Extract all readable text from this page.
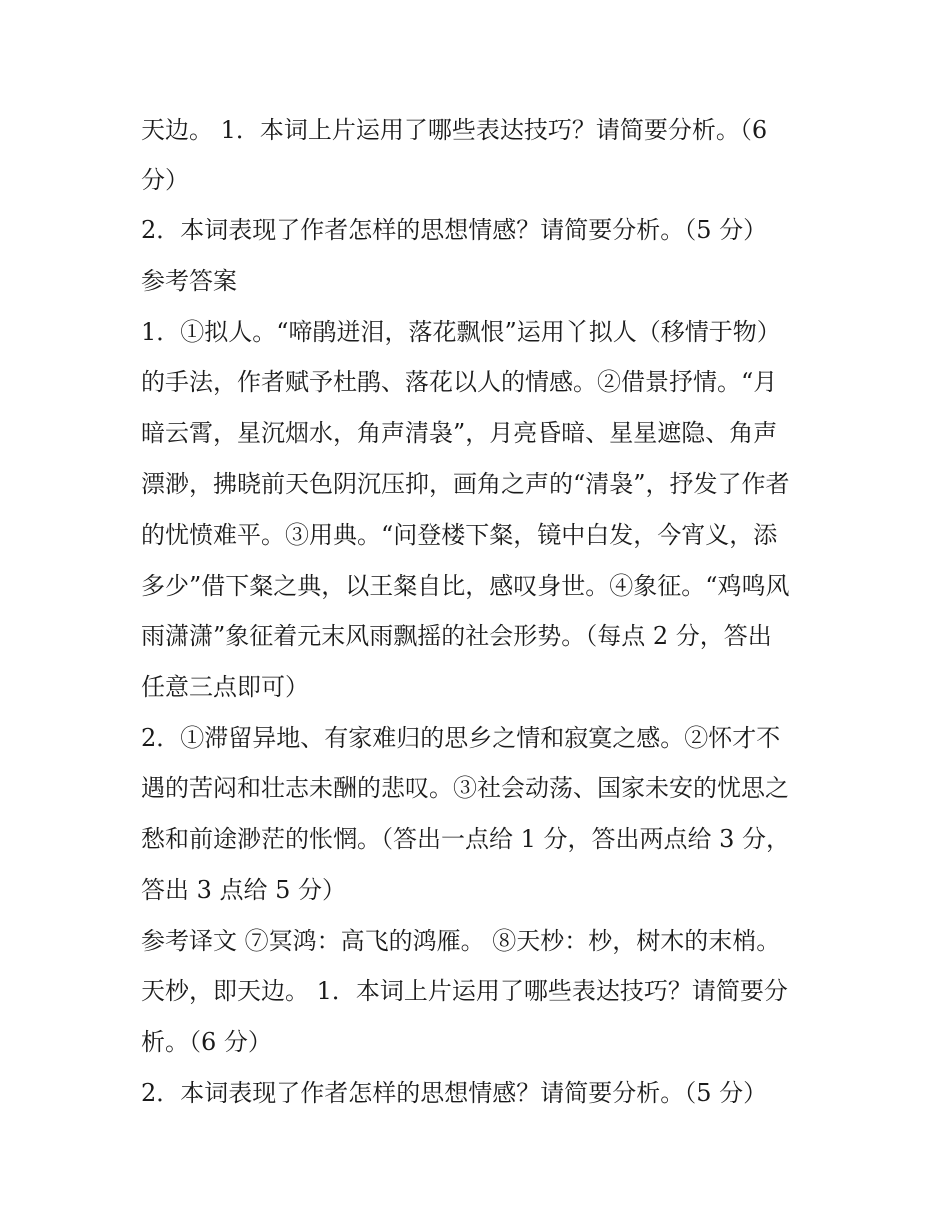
天边。 1．本词上片运用了哪些表达技巧？请简要分析。（6
分）
2．本词表现了作者怎样的思想情感？请简要分析。（5 分）
参考答案
1．①拟人。“啼鹃迸泪，落花飘恨”运用丫拟人（移情于物）
的手法，作者赋予杜鹃、落花以人的情感。②借景抒情。“月
暗云霄，星沉烟水，角声清袅”，月亮昏暗、星星遮隐、角声
漂渺，拂晓前天色阴沉压抑，画角之声的“清袅”，抒发了作者
的忧愤难平。③用典。“问登楼下粲，镜中白发，今宵义，添
多少”借下粲之典，以王粲自比，感叹身世。④象征。“鸡鸣风
雨潇潇”象征着元末风雨飘摇的社会形势。（每点 2 分，答出
任意三点即可）
2．①滞留异地、有家难归的思乡之情和寂寞之感。②怀才不
遇的苦闷和壮志未酬的悲叹。③社会动荡、国家未安的忧思之
愁和前途渺茫的怅惘。（答出一点给 1 分，答出两点给 3 分，
答出 3 点给 5 分）
参考译文 ⑦冥鸿：高飞的鸿雁。 ⑧天杪：杪，树木的末梢。
天杪，即天边。 1．本词上片运用了哪些表达技巧？请简要分
析。（6 分）
2．本词表现了作者怎样的思想情感？请简要分析。（5 分）
